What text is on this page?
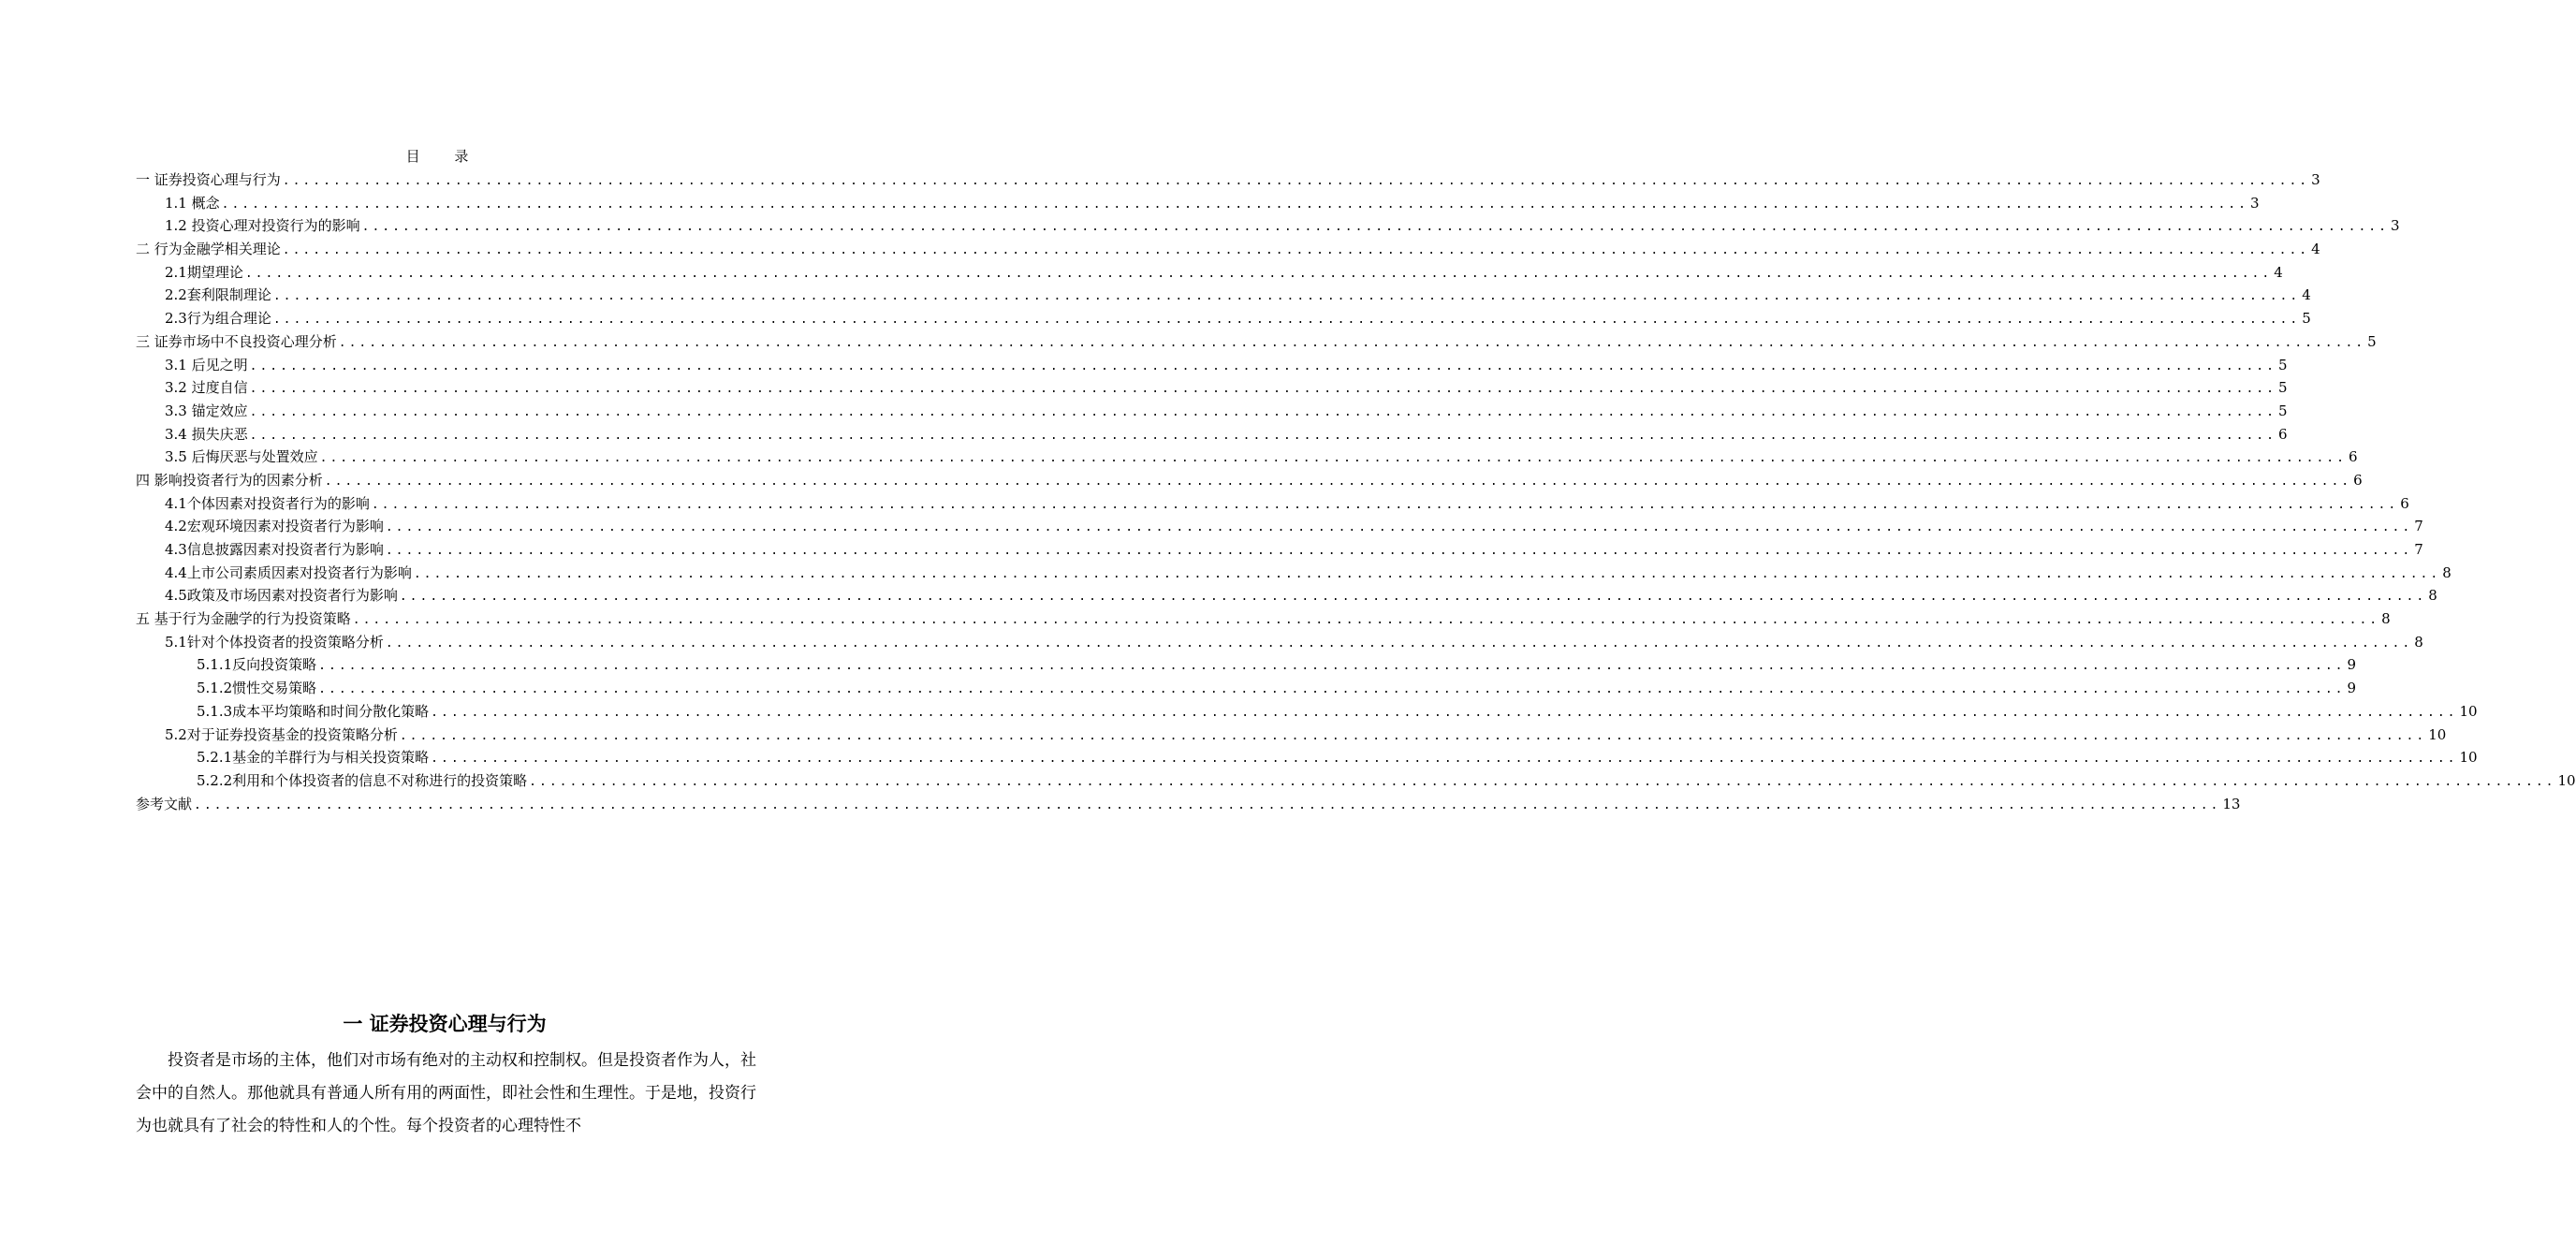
目 录
一 证券投资心理与行为 ........................................................................................................................................................................................................ 3
1.1 概念 ........................................................................................................................................................................................................ 3
1.2 投资心理对投资行为的影响 ........................................................................................................................................................................................................ 3
二 行为金融学相关理论 ........................................................................................................................................................................................................ 4
2.1期望理论 ........................................................................................................................................................................................................ 4
2.2套利限制理论 ........................................................................................................................................................................................................ 4
2.3行为组合理论 ........................................................................................................................................................................................................ 5
三 证券市场中不良投资心理分析 ........................................................................................................................................................................................................ 5
3.1 后见之明 ........................................................................................................................................................................................................ 5
3.2 过度自信 ........................................................................................................................................................................................................ 5
3.3 锚定效应 ........................................................................................................................................................................................................ 5
3.4 损失庆恶 ........................................................................................................................................................................................................ 6
3.5 后悔厌恶与处置效应 ........................................................................................................................................................................................................ 6
四 影响投资者行为的因素分析 ........................................................................................................................................................................................................ 6
4.1个体因素对投资者行为的影响 ........................................................................................................................................................................................................ 6
4.2宏观环境因素对投资者行为影响 ........................................................................................................................................................................................................ 7
4.3信息披露因素对投资者行为影响 ........................................................................................................................................................................................................ 7
4.4上市公司素质因素对投资者行为影响 ........................................................................................................................................................................................................ 8
4.5政策及市场因素对投资者行为影响 ........................................................................................................................................................................................................ 8
五 基于行为金融学的行为投资策略 ........................................................................................................................................................................................................ 8
5.1针对个体投资者的投资策略分析 ........................................................................................................................................................................................................ 8
5.1.1反向投资策略 ........................................................................................................................................................................................................ 9
5.1.2惯性交易策略 ........................................................................................................................................................................................................ 9
5.1.3成本平均策略和时间分散化策略 ........................................................................................................................................................................................................ 10
5.2对于证券投资基金的投资策略分析 ........................................................................................................................................................................................................ 10
5.2.1基金的羊群行为与相关投资策略 ........................................................................................................................................................................................................ 10
5.2.2利用和个体投资者的信息不对称进行的投资策略 ........................................................................................................................................................................................................ 10
参考文献 ........................................................................................................................................................................................................ 13
一 证券投资心理与行为

投资者是市场的主体，他们对市场有绝对的主动权和控制权。但是投资者作为人，社会中的自然人。那他就具有普通人所有用的两面性，即社会性和生理性。于是地，投资行为也就具有了社会的特性和人的个性。每个投资者的心理特性不
